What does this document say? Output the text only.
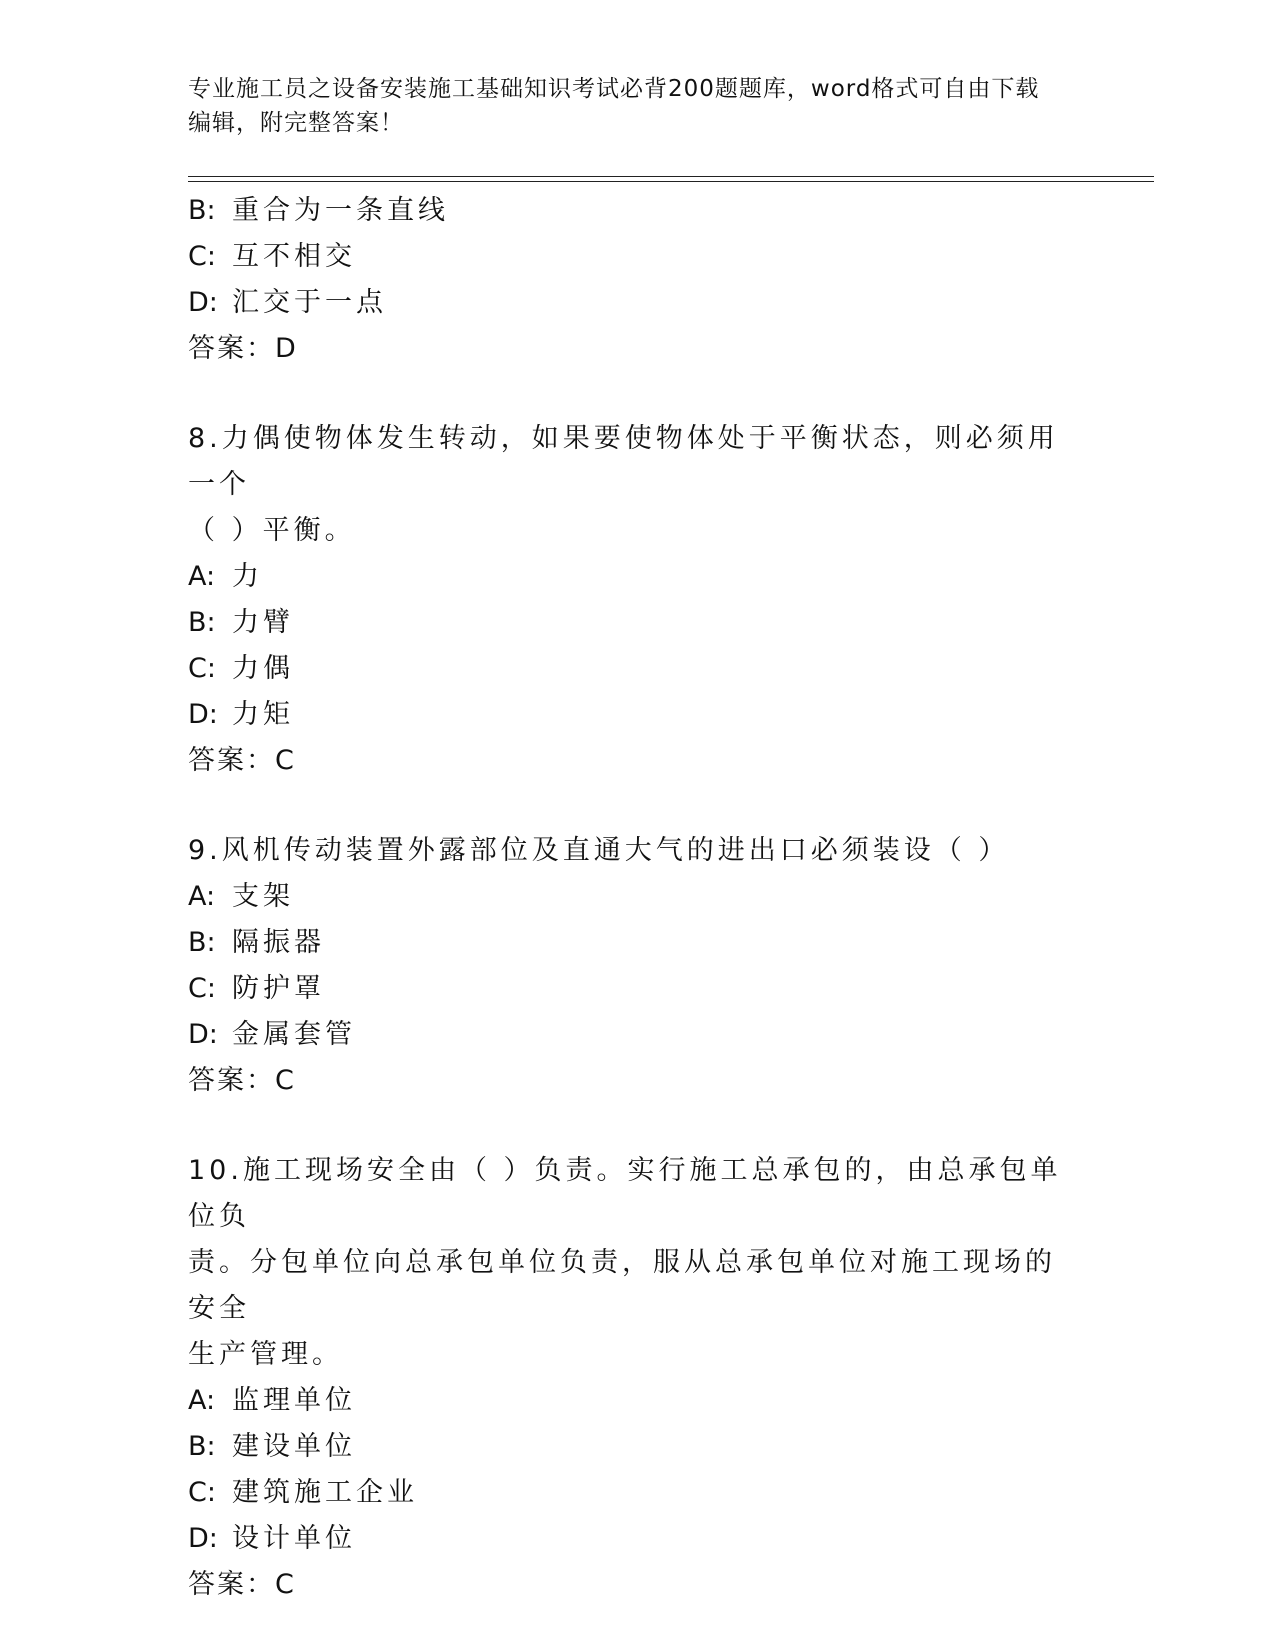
专业施工员之设备安装施工基础知识考试必背200题题库，word格式可自由下载
编辑，附完整答案！
B: 重合为一条直线
C: 互不相交
D: 汇交于一点
答案：D
8.力偶使物体发生转动，如果要使物体处于平衡状态，则必须用一个
（ ）平衡。
A: 力
B: 力臂
C: 力偶
D: 力矩
答案：C
9.风机传动装置外露部位及直通大气的进出口必须装设（ ）
A: 支架
B: 隔振器
C: 防护罩
D: 金属套管
答案：C
10.施工现场安全由（ ）负责。实行施工总承包的，由总承包单位负
责。分包单位向总承包单位负责，服从总承包单位对施工现场的安全
生产管理。
A: 监理单位
B: 建设单位
C: 建筑施工企业
D: 设计单位
答案：C
